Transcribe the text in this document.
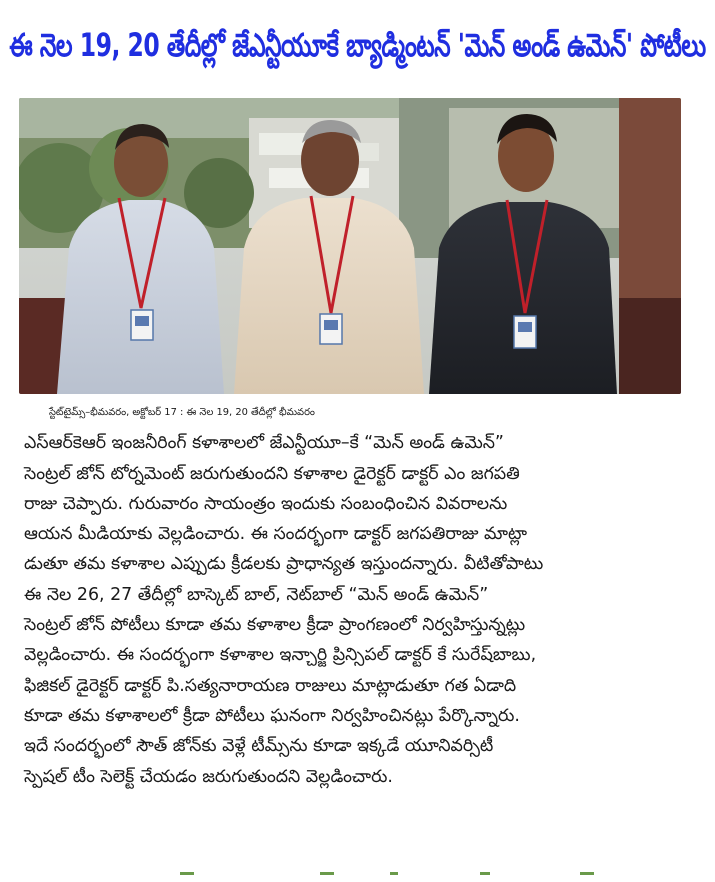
ఈ నెల 19, 20 తేదీల్లో జేఎన్టీయూకే బ్యాడ్మింటన్ 'మెన్ అండ్ ఉమెన్' పోటీలు
స్టేట్‌టైమ్స్–భీమవరం, అక్టోబర్ 17 : ఈ నెల 19, 20 తేదీల్లో భీమవరం
ఎస్ఆర్‌కెఆర్ ఇంజనీరింగ్ కళాశాలలో జేఎన్టీయూ–కే “మెన్ అండ్ ఉమెన్”
సెంట్రల్ జోన్ టోర్నమెంట్ జరుగుతుందని కళాశాల డైరెక్టర్ డాక్టర్ ఎం జగపతి
రాజు చెప్పారు. గురువారం సాయంత్రం ఇందుకు సంబంధించిన వివరాలను
ఆయన మీడియాకు వెల్లడించారు. ఈ సందర్భంగా డాక్టర్ జగపతిరాజు మాట్లా
డుతూ తమ కళాశాల ఎప్పుడు క్రీడలకు ప్రాధాన్యత ఇస్తుందన్నారు. వీటితోపాటు
ఈ నెల 26, 27 తేదీల్లో బాస్కెట్ బాల్, నెట్‌బాల్ “మెన్ అండ్ ఉమెన్”
సెంట్రల్ జోన్ పోటీలు కూడా తమ కళాశాల క్రీడా ప్రాంగణంలో నిర్వహిస్తున్నట్లు
వెల్లడించారు. ఈ సందర్భంగా కళాశాల ఇన్చార్జి ప్రిన్సిపల్ డాక్టర్ కే సురేష్‌బాబు,
ఫిజికల్ డైరెక్టర్ డాక్టర్ పి.సత్యనారాయణ రాజులు మాట్లాడుతూ గత ఏడాది
కూడా తమ కళాశాలలో క్రీడా పోటీలు ఘనంగా నిర్వహించినట్లు పేర్కొన్నారు.
ఇదే సందర్భంలో సౌత్ జోన్‌కు వెళ్లే టీమ్స్‌ను కూడా ఇక్కడే యూనివర్సిటీ
స్పెషల్ టీం సెలెక్ట్ చేయడం జరుగుతుందని వెల్లడించారు.
